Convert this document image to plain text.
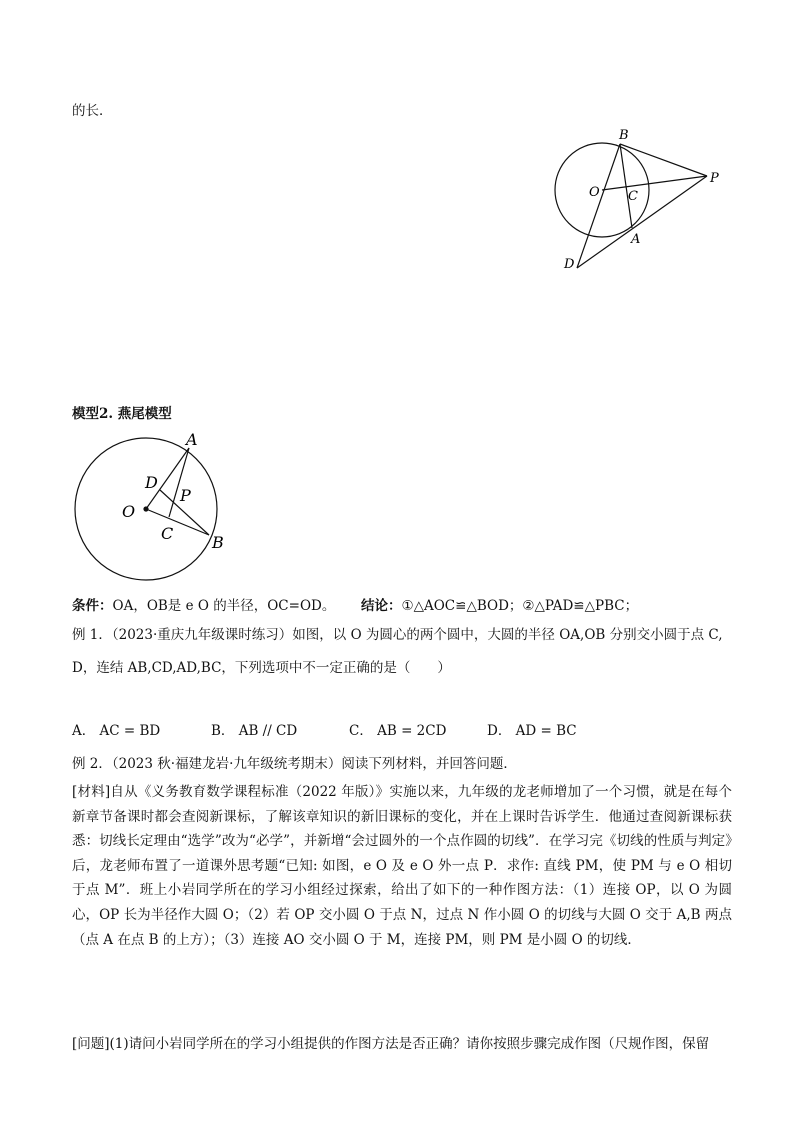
的长．
B
O C
P
A
D
模型2. 燕尾模型
A
D
P
O
C B
条件：OA，OB是 e O 的半径，OC=OD。 结论：①△AOC≌△BOD；②△PAD≌△PBC；
例 1．（2023·重庆九年级课时练习）如图，以 O 为圆心的两个圆中，大圆的半径 OA,OB 分别交小圆于点 C,
D，连结 AB,CD,AD,BC，下列选项中不一定正确的是（　　）
A． AC = BD	B． AB // CD	C． AB = 2CD	D． AD = BC
例 2．（2023 秋·福建龙岩·九年级统考期末）阅读下列材料，并回答问题．
[材料]自从《义务教育数学课程标准（2022 年版）》实施以来，九年级的龙老师增加了一个习惯，就是在每个新章节备课时都会查阅新课标，了解该章知识的新旧课标的变化，并在上课时告诉学生．他通过查阅新课标获悉：切线长定理由“选学”改为“必学”，并新增“会过圆外的一个点作圆的切线”．在学习完《切线的性质与判定》后，龙老师布置了一道课外思考题“已知: 如图，e O 及 e O 外一点 P．求作: 直线 PM，使 PM 与 e O 相切于点 M”．班上小岩同学所在的学习小组经过探索，给出了如下的一种作图方法：（1）连接 OP，以 O 为圆心，OP 长为半径作大圆 O；（2）若 OP 交小圆 O 于点 N，过点 N 作小圆 O 的切线与大圆 O 交于 A,B 两点（点 A 在点 B 的上方）；（3）连接 AO 交小圆 O 于 M，连接 PM，则 PM 是小圆 O 的切线．
[问题](1)请问小岩同学所在的学习小组提供的作图方法是否正确？请你按照步骤完成作图（尺规作图，保留
